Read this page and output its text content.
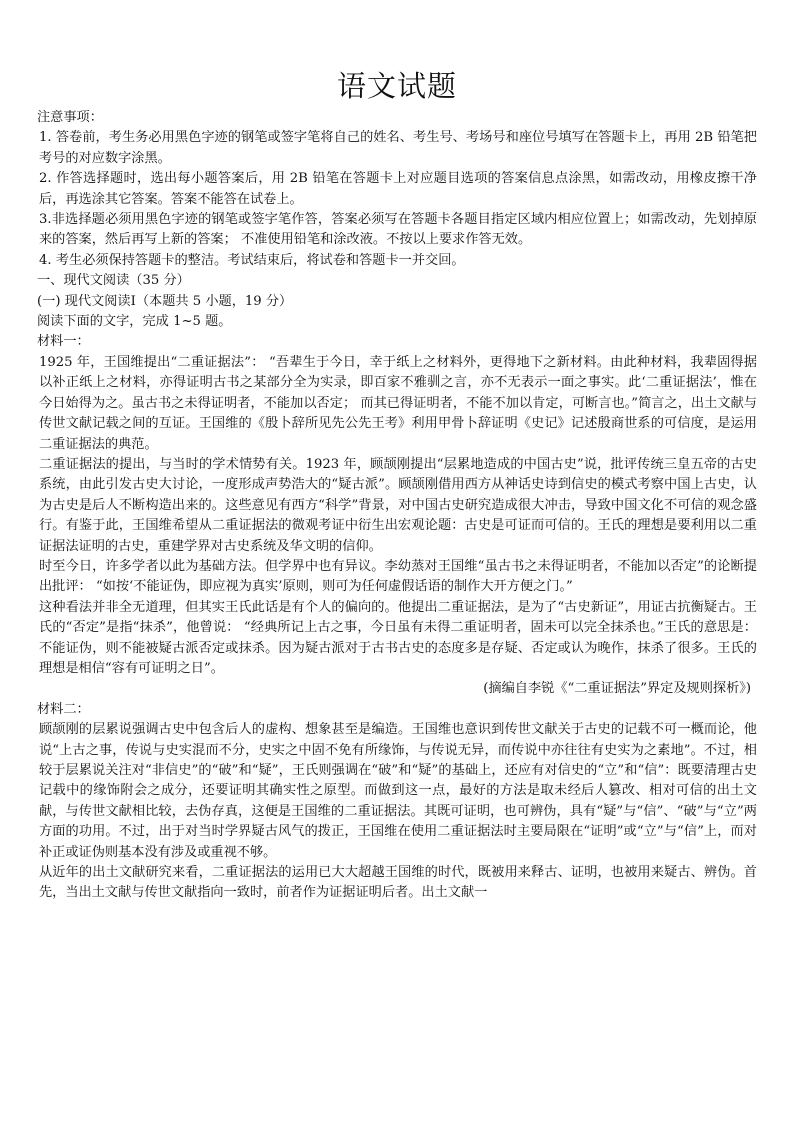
语文试题

注意事项：

1. 答卷前，考生务必用黑色字迹的钢笔或签字笔将自己的姓名、考生号、考场号和座位号填写在答题卡上，再用 2B 铅笔把考号的对应数字涂黑。

2. 作答选择题时，选出每小题答案后，用 2B 铅笔在答题卡上对应题目选项的答案信息点涂黑，如需改动，用橡皮擦干净后，再选涂其它答案。答案不能答在试卷上。

3.非选择题必须用黑色字迹的钢笔或签字笔作答，答案必须写在答题卡各题目指定区域内相应位置上；如需改动，先划掉原来的答案，然后再写上新的答案； 不准使用铅笔和涂改液。不按以上要求作答无效。

4. 考生必须保持答题卡的整洁。考试结束后，将试卷和答题卡一并交回。

一、现代文阅读（35 分）

(一) 现代文阅读Ⅰ（本题共 5 小题，19 分）

阅读下面的文字，完成 1~5 题。

材料一：

1925 年，王国维提出“二重证据法”： “吾辈生于今日，幸于纸上之材料外，更得地下之新材料。由此种材料，我辈固得据以补正纸上之材料，亦得证明古书之某部分全为实录，即百家不雅驯之言，亦不无表示一面之事实。此‘二重证据法’，惟在今日始得为之。虽古书之未得证明者，不能加以否定； 而其已得证明者，不能不加以肯定，可断言也。”简言之，出土文献与传世文献记载之间的互证。王国维的《殷卜辞所见先公先王考》利用甲骨卜辞证明《史记》记述殷商世系的可信度，是运用二重证据法的典范。

二重证据法的提出，与当时的学术情势有关。1923 年，顾颉刚提出“层累地造成的中国古史”说，批评传统三皇五帝的古史系统，由此引发古史大讨论，一度形成声势浩大的“疑古派”。顾颉刚借用西方从神话史诗到信史的模式考察中国上古史，认为古史是后人不断构造出来的。这些意见有西方“科学”背景，对中国古史研究造成很大冲击，导致中国文化不可信的观念盛行。有鉴于此，王国维希望从二重证据法的微观考证中衍生出宏观论题：古史是可证而可信的。王氏的理想是要利用以二重证据法证明的古史，重建学界对古史系统及华文明的信仰。

时至今日，许多学者以此为基础方法。但学界中也有异议。李幼蒸对王国维“虽古书之未得证明者，不能加以否定”的论断提出批评： “如按‘不能证伪，即应视为真实’原则，则可为任何虚假话语的制作大开方便之门。”

这种看法并非全无道理，但其实王氏此话是有个人的偏向的。他提出二重证据法，是为了“古史新证”，用证古抗衡疑古。王氏的“否定”是指“抹杀”，他曾说： “经典所记上古之事，今日虽有未得二重证明者，固未可以完全抹杀也。”王氏的意思是：不能证伪，则不能被疑古派否定或抹杀。因为疑古派对于古书古史的态度多是存疑、否定或认为晚作，抹杀了很多。王氏的理想是相信“容有可证明之日”。

(摘编自李锐《“二重证据法”界定及规则探析》)

材料二：

顾颉刚的层累说强调古史中包含后人的虚构、想象甚至是编造。王国维也意识到传世文献关于古史的记载不可一概而论，他说“上古之事，传说与史实混而不分，史实之中固不免有所缘饰，与传说无异，而传说中亦往往有史实为之素地”。不过，相较于层累说关注对“非信史”的“破”和“疑”，王氏则强调在“破”和“疑”的基础上，还应有对信史的“立”和“信”：既要清理古史记载中的缘饰附会之成分，还要证明其确实性之原型。而做到这一点，最好的方法是取未经后人篡改、相对可信的出土文献，与传世文献相比较，去伪存真，这便是王国维的二重证据法。其既可证明，也可辨伪，具有“疑”与“信”、“破”与“立”两方面的功用。不过，出于对当时学界疑古风气的拨正，王国维在使用二重证据法时主要局限在“证明”或“立”与“信”上，而对补正或证伪则基本没有涉及或重视不够。

从近年的出土文献研究来看，二重证据法的运用已大大超越王国维的时代，既被用来释古、证明，也被用来疑古、辨伪。首先，当出土文献与传世文献指向一致时，前者作为证据证明后者。出土文献一
